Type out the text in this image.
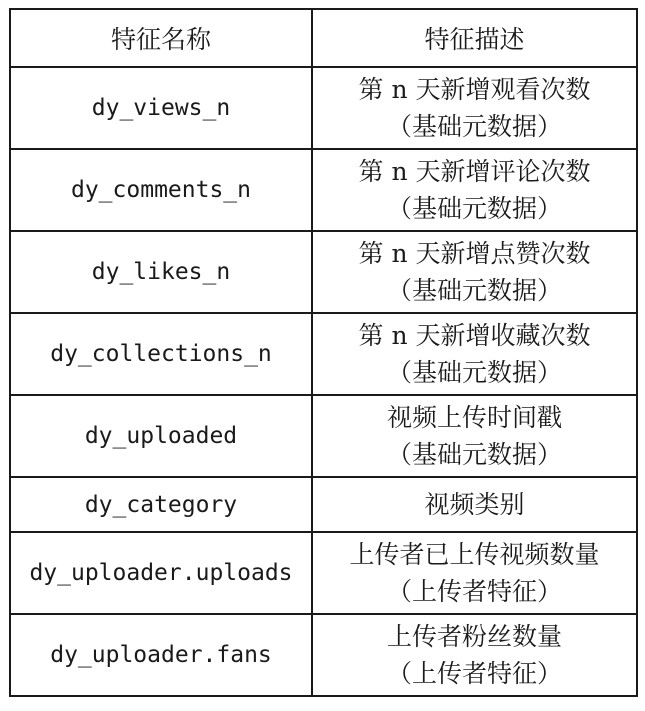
特征名称	特征描述
dy_views_n	第 n 天新增观看次数
（基础元数据）

dy_comments_n	第 n 天新增评论次数
（基础元数据）

dy_likes_n	第 n 天新增点赞次数
（基础元数据）

dy_collections_n	第 n 天新增收藏次数
（基础元数据）

dy_uploaded	视频上传时间戳
（基础元数据）

dy_category	视频类别

dy_uploader.uploads	上传者已上传视频数量
（上传者特征）

dy_uploader.fans	上传者粉丝数量
（上传者特征）
